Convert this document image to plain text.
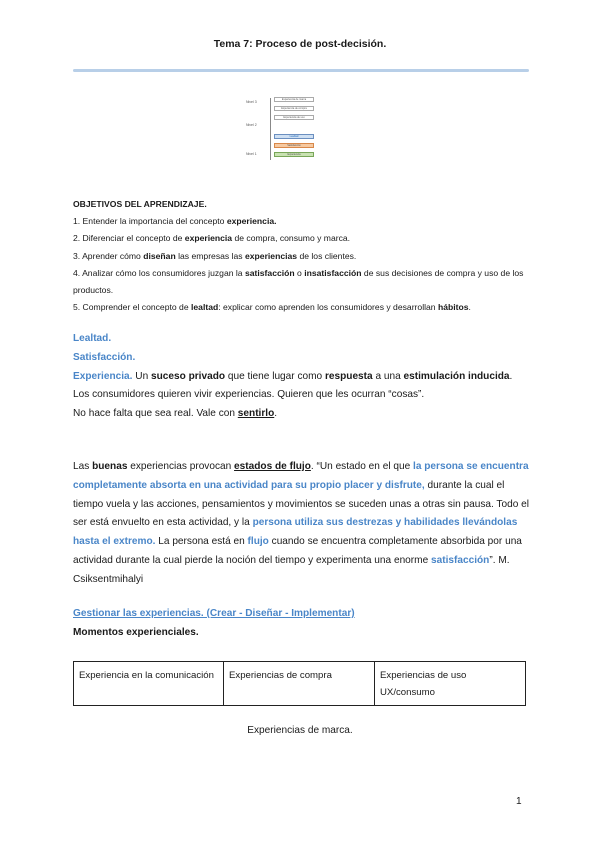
Tema 7: Proceso de post-decisión.
Nivel 3
Nivel 2
Nivel 1
Experiencia de marca
Experiencia de compra
Experiencia de uso
Lealtad
Satisfacción
Experiencia

OBJETIVOS DEL APRENDIZAJE.

1. Entender la importancia del concepto experiencia.

2. Diferenciar el concepto de experiencia de compra, consumo y marca.

3. Aprender cómo diseñan las empresas las experiencias de los clientes.

4. Analizar cómo los consumidores juzgan la satisfacción o insatisfacción de sus decisiones de compra y uso de los productos.

5. Comprender el concepto de lealtad: explicar como aprenden los consumidores y desarrollan hábitos.

Lealtad.

Satisfacción.

Experiencia. Un suceso privado que tiene lugar como respuesta a una estimulación inducida.

Los consumidores quieren vivir experiencias. Quieren que les ocurran “cosas”.

No hace falta que sea real. Vale con sentirlo.

Las buenas experiencias provocan estados de flujo. “Un estado en el que la persona se encuentra completamente absorta en una actividad para su propio placer y disfrute, durante la cual el tiempo vuela y las acciones, pensamientos y movimientos se suceden unas a otras sin pausa. Todo el ser está envuelto en esta actividad, y la persona utiliza sus destrezas y habilidades llevándolas hasta el extremo. La persona está en flujo cuando se encuentra completamente absorbida por una actividad durante la cual pierde la noción del tiempo y experimenta una enorme satisfacción”. M. Csiksentmihalyi

Gestionar las experiencias. (Crear - Diseñar - Implementar)

Momentos experienciales.

Experiencia en la comunicación	Experiencias de compra	Experiencias de uso UX/consumo
Experiencias de marca.
1
